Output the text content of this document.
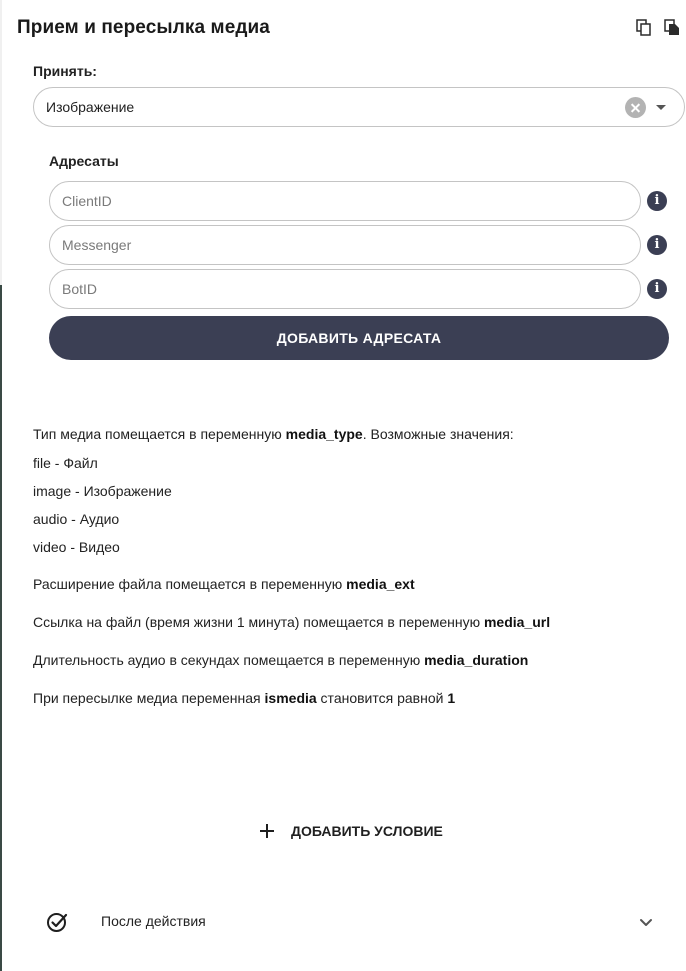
Прием и пересылка медиа
Принять:
Изображение
Адресаты
ClientID
i
Messenger
i
BotID
i
ДОБАВИТЬ АДРЕСАТА
Тип медиа помещается в переменную media_type. Возможные значения:
file - Файл
image - Изображение
audio - Аудио
video - Видео
Расширение файла помещается в переменную media_ext
Ссылка на файл (время жизни 1 минута) помещается в переменную media_url
Длительность аудио в секундах помещается в переменную media_duration
При пересылке медиа переменная ismedia становится равной 1
ДОБАВИТЬ УСЛОВИЕ
После действия
